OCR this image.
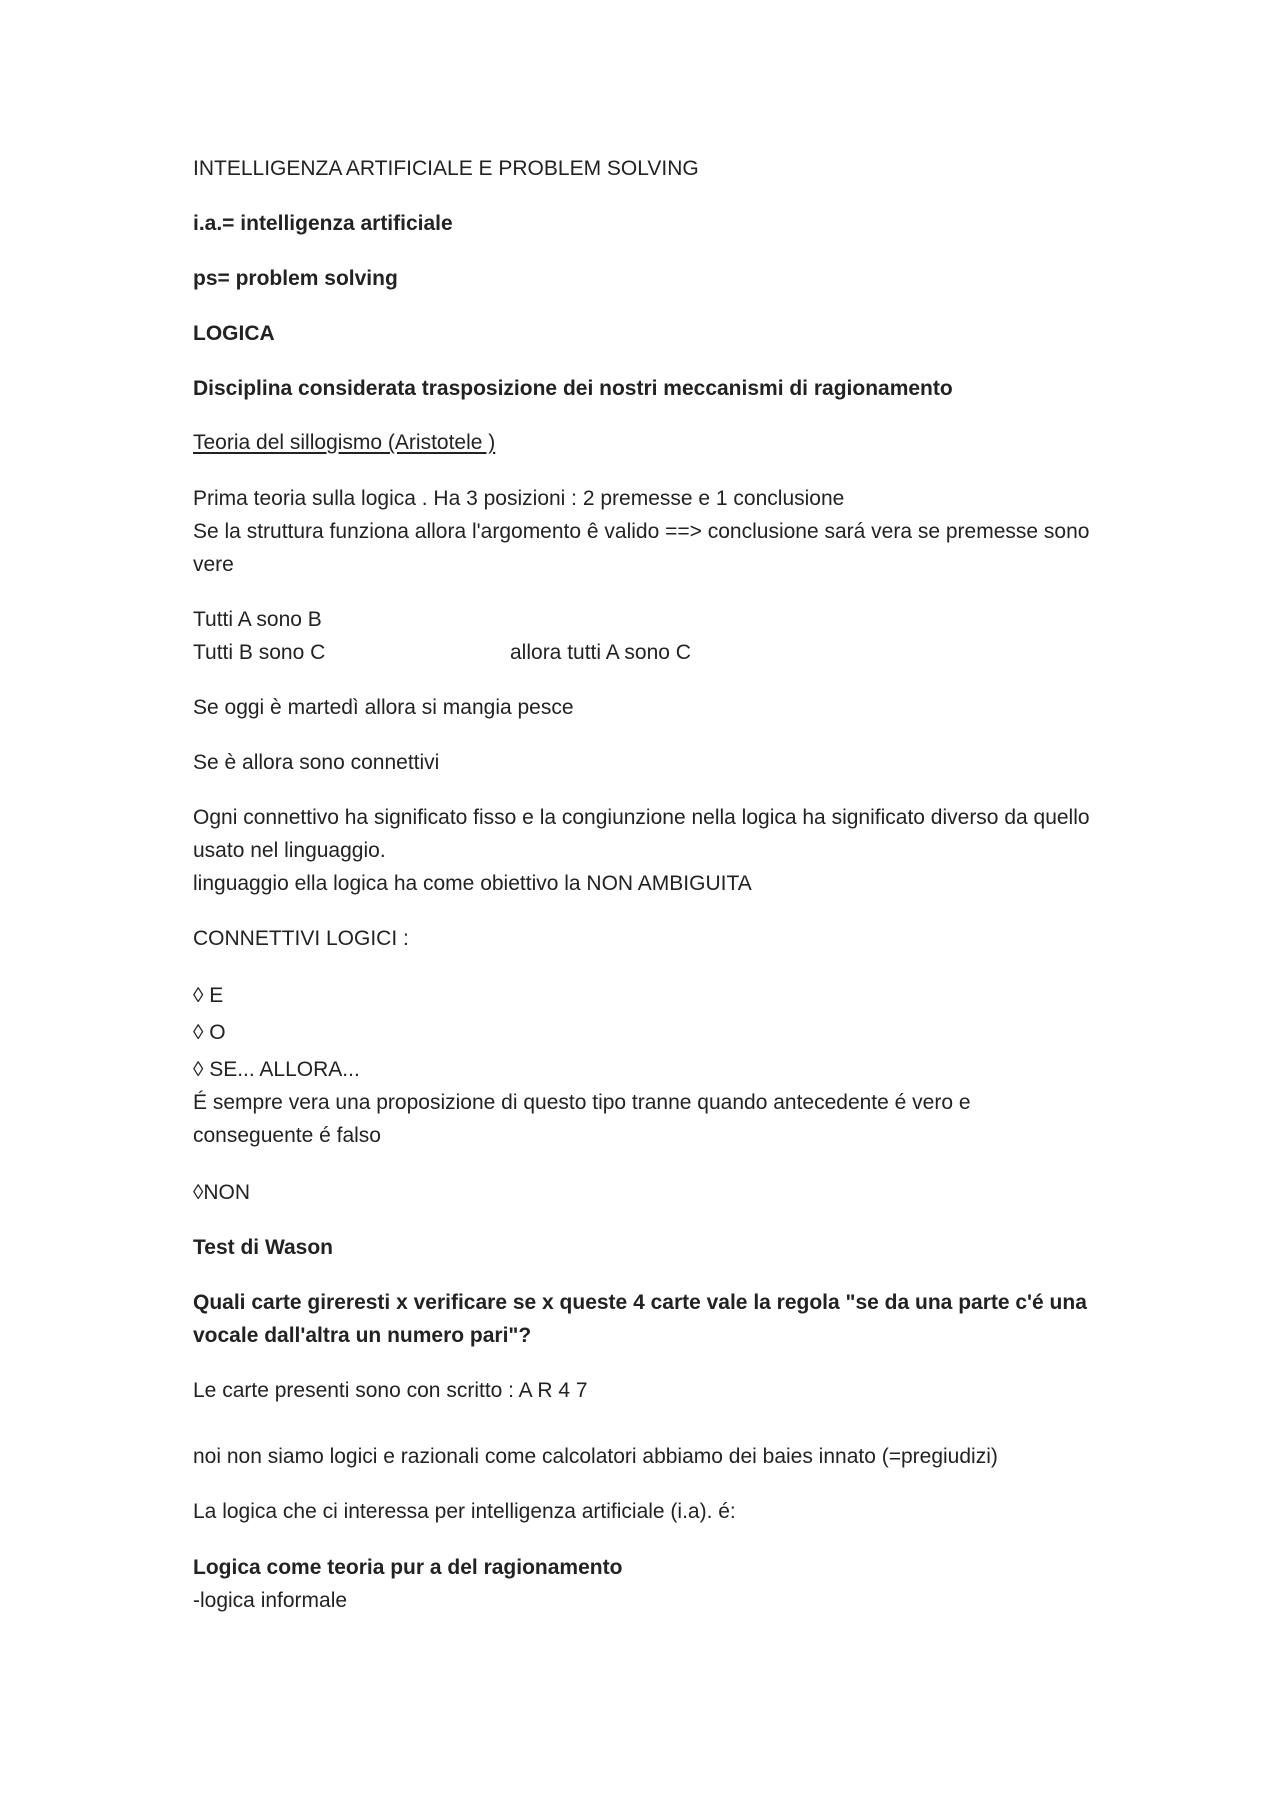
INTELLIGENZA ARTIFICIALE E PROBLEM SOLVING

i.a.= intelligenza artificiale

ps= problem solving

LOGICA

Disciplina considerata trasposizione dei nostri meccanismi di ragionamento

Teoria del sillogismo (Aristotele )

Prima teoria sulla logica . Ha 3 posizioni : 2 premesse e 1 conclusione

Se la struttura funziona allora l'argomento ê valido ==> conclusione sará vera se premesse sono

vere

Tutti A sono B

Tutti B sono C	allora tutti A sono C

Se oggi è martedì allora si mangia pesce

Se è allora sono connettivi

Ogni connettivo ha significato fisso e la congiunzione nella logica ha significato diverso da quello

usato nel linguaggio.

linguaggio ella logica ha come obiettivo la NON AMBIGUITA

CONNETTIVI LOGICI :

◊ E

◊ O

◊ SE... ALLORA...

É sempre vera una proposizione di questo tipo tranne quando antecedente é vero e

conseguente é falso

◊NON

Test di Wason

Quali carte gireresti x verificare se x queste 4 carte vale la regola "se da una parte c'é una

vocale dall'altra un numero pari"?

Le carte presenti sono con scritto : A R 4 7

noi non siamo logici e razionali come calcolatori abbiamo dei baies innato (=pregiudizi)

La logica che ci interessa per intelligenza artificiale (i.a). é:

Logica come teoria pur a del ragionamento

-logica informale
